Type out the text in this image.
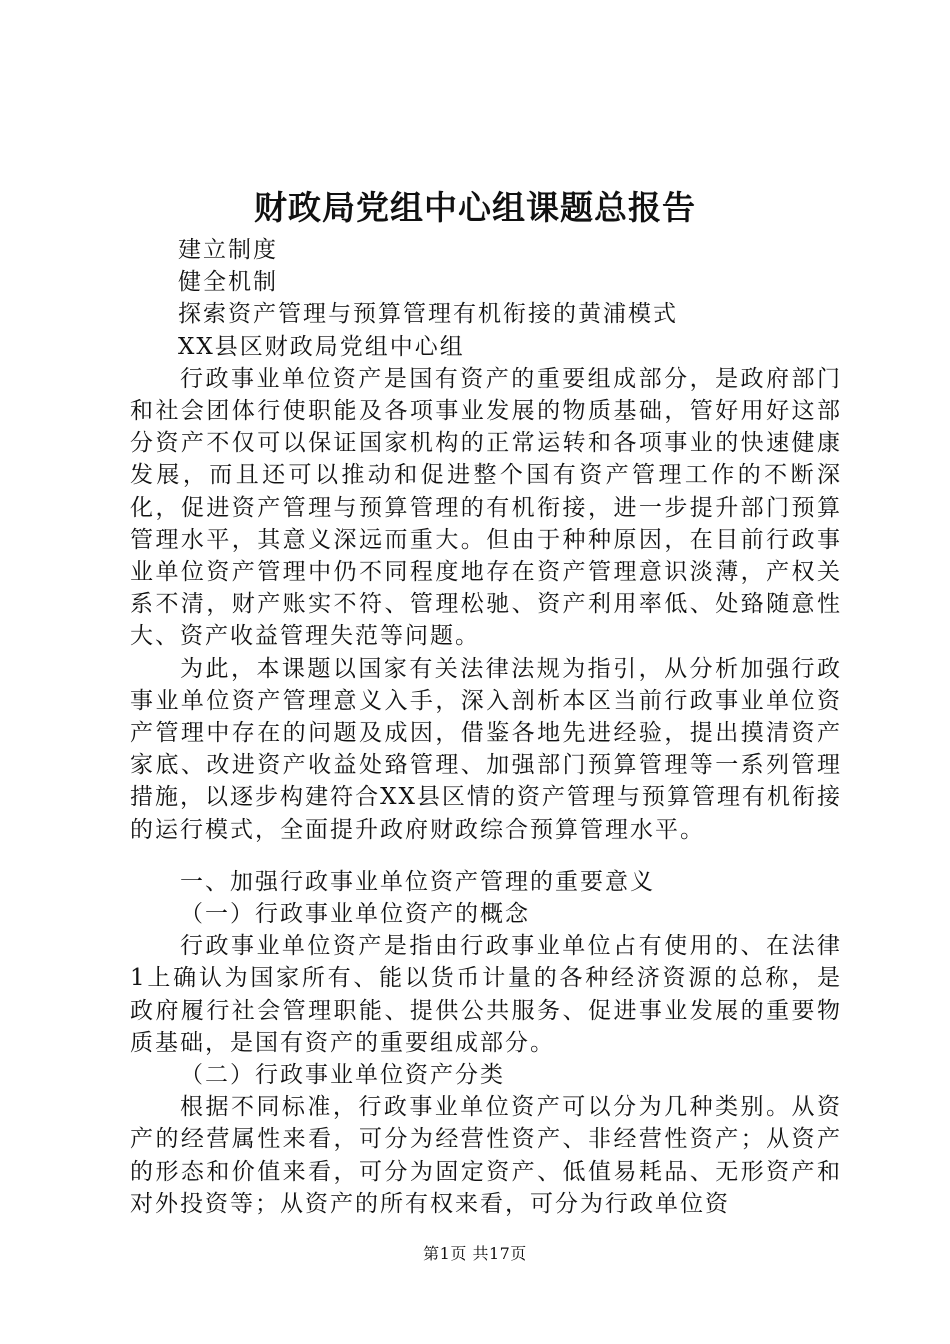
财政局党组中心组课题总报告

建立制度

健全机制

探索资产管理与预算管理有机衔接的黄浦模式

XX县区财政局党组中心组

行政事业单位资产是国有资产的重要组成部分，是政府部门和社会团体行使职能及各项事业发展的物质基础，管好用好这部分资产不仅可以保证国家机构的正常运转和各项事业的快速健康发展，而且还可以推动和促进整个国有资产管理工作的不断深化，促进资产管理与预算管理的有机衔接，进一步提升部门预算管理水平，其意义深远而重大。但由于种种原因，在目前行政事业单位资产管理中仍不同程度地存在资产管理意识淡薄，产权关系不清，财产账实不符、管理松驰、资产利用率低、处臵随意性大、资产收益管理失范等问题。

为此，本课题以国家有关法律法规为指引，从分析加强行政事业单位资产管理意义入手，深入剖析本区当前行政事业单位资产管理中存在的问题及成因，借鉴各地先进经验，提出摸清资产家底、改进资产收益处臵管理、加强部门预算管理等一系列管理措施，以逐步构建符合XX县区情的资产管理与预算管理有机衔接的运行模式，全面提升政府财政综合预算管理水平。

一、加强行政事业单位资产管理的重要意义

（一）行政事业单位资产的概念

行政事业单位资产是指由行政事业单位占有使用的、在法律1上确认为国家所有、能以货币计量的各种经济资源的总称，是政府履行社会管理职能、提供公共服务、促进事业发展的重要物质基础，是国有资产的重要组成部分。

（二）行政事业单位资产分类

根据不同标准，行政事业单位资产可以分为几种类别。从资产的经营属性来看，可分为经营性资产、非经营性资产；从资产的形态和价值来看，可分为固定资产、低值易耗品、无形资产和对外投资等；从资产的所有权来看，可分为行政单位资

第1页 共17页
